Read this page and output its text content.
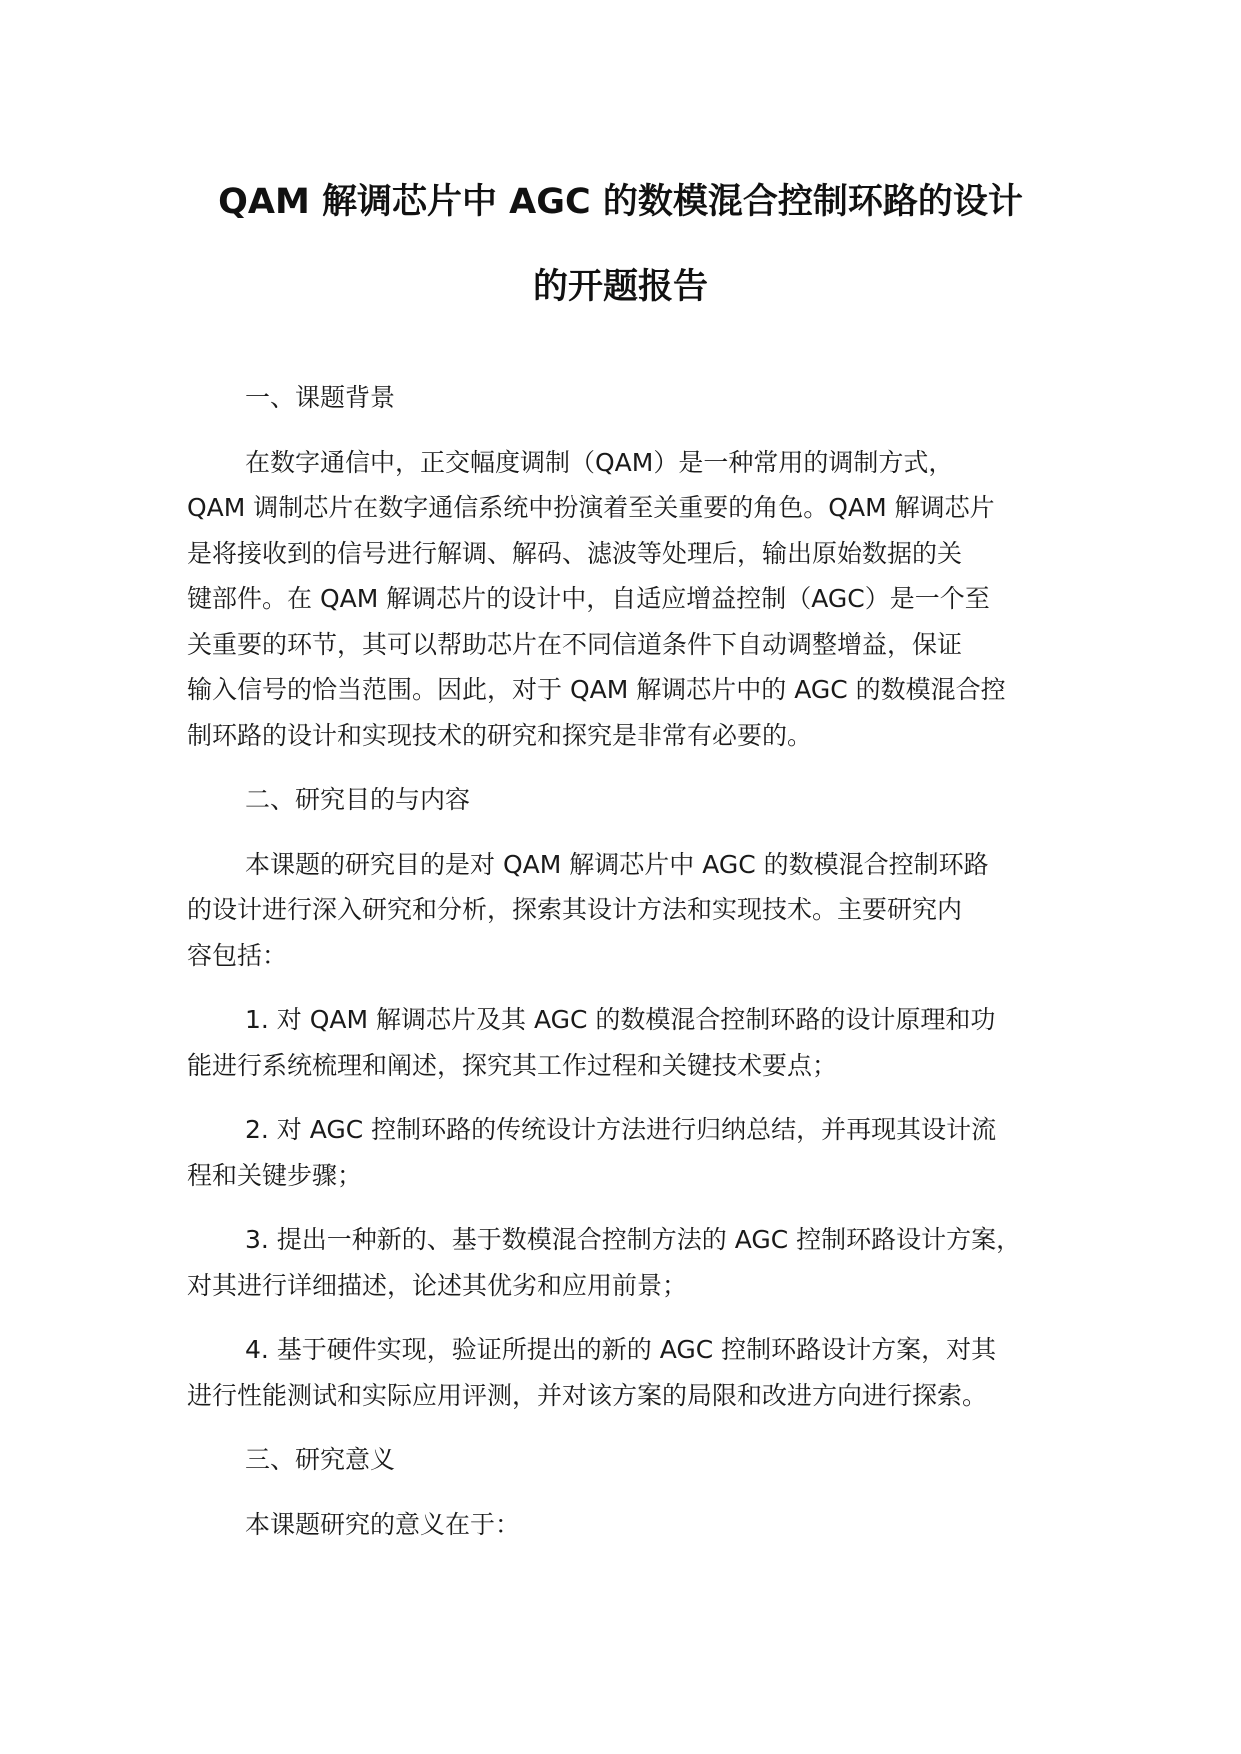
QAM 解调芯片中 AGC 的数模混合控制环路的设计
的开题报告

一、课题背景

在数字通信中，正交幅度调制（QAM）是一种常用的调制方式，
QAM 调制芯片在数字通信系统中扮演着至关重要的角色。QAM 解调芯片
是将接收到的信号进行解调、解码、滤波等处理后，输出原始数据的关
键部件。在 QAM 解调芯片的设计中，自适应增益控制（AGC）是一个至
关重要的环节，其可以帮助芯片在不同信道条件下自动调整增益，保证
输入信号的恰当范围。因此，对于 QAM 解调芯片中的 AGC 的数模混合控
制环路的设计和实现技术的研究和探究是非常有必要的。

二、研究目的与内容

本课题的研究目的是对 QAM 解调芯片中 AGC 的数模混合控制环路
的设计进行深入研究和分析，探索其设计方法和实现技术。主要研究内
容包括：

1. 对 QAM 解调芯片及其 AGC 的数模混合控制环路的设计原理和功
能进行系统梳理和阐述，探究其工作过程和关键技术要点；

2. 对 AGC 控制环路的传统设计方法进行归纳总结，并再现其设计流
程和关键步骤；

3. 提出一种新的、基于数模混合控制方法的 AGC 控制环路设计方案，
对其进行详细描述，论述其优劣和应用前景；

4. 基于硬件实现，验证所提出的新的 AGC 控制环路设计方案，对其
进行性能测试和实际应用评测，并对该方案的局限和改进方向进行探索。

三、研究意义

本课题研究的意义在于：
